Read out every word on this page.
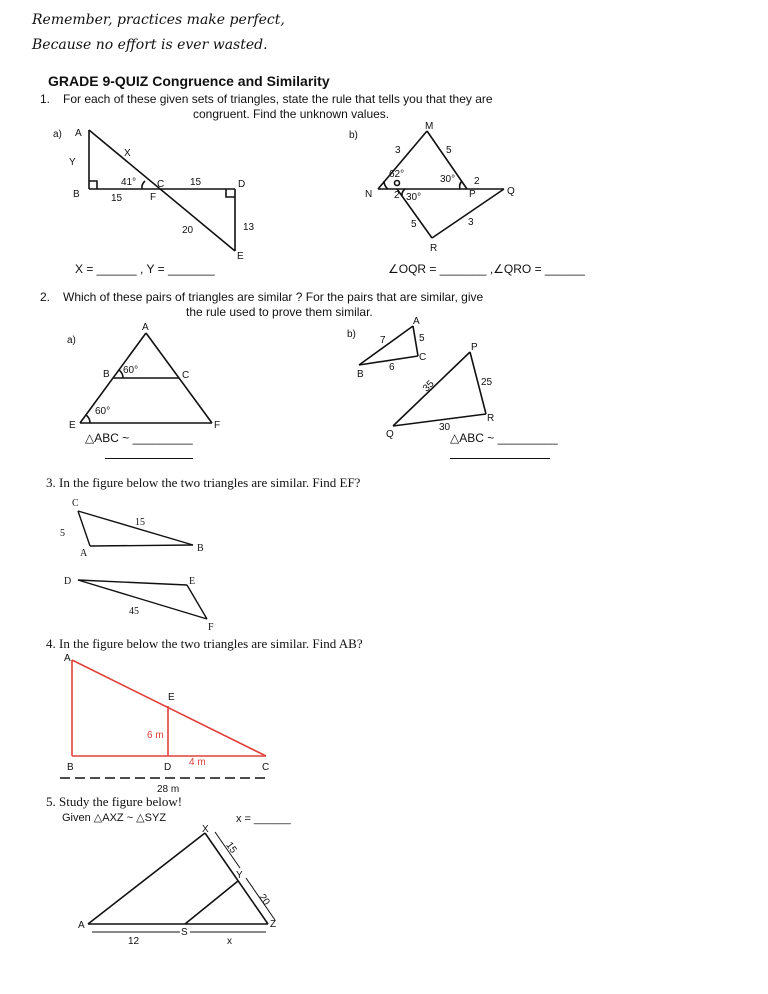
Remember, practices make perfect,
Because no effort is ever wasted.
GRADE 9-QUIZ Congruence and Similarity
1. For each of these given sets of triangles, state the rule that tells you that they are
congruent. Find the unknown values.
a) A
X
Y
41° C	15	D
B	15	F
20	13
E
X = ______ , Y = _______
b)
M
3	5
62°	30° 2
N 2 30°	P	Q
5	3
R
∠OQR = _______ ,∠QRO = ______
2. Which of these pairs of triangles are similar ? For the pairs that are similar, give
the rule used to prove them similar.
a)
A
B 60°	C
60°
E	F
△ABC ~ _________
b)
A
7	5
C
6
B
P
35	25
R
30
Q	△ABC ~ _________
3. In the figure below the two triangles are similar. Find EF?
C
5
15
A	B
D	E
45
F
4. In the figure below the two triangles are similar. Find AB?
A
E
6 m
B	D 4 m	C
28 m
5. Study the figure below!
Given △AXZ ~ △SYZ	x = ______
X
15
Y
20
Z
A
S
12	x
